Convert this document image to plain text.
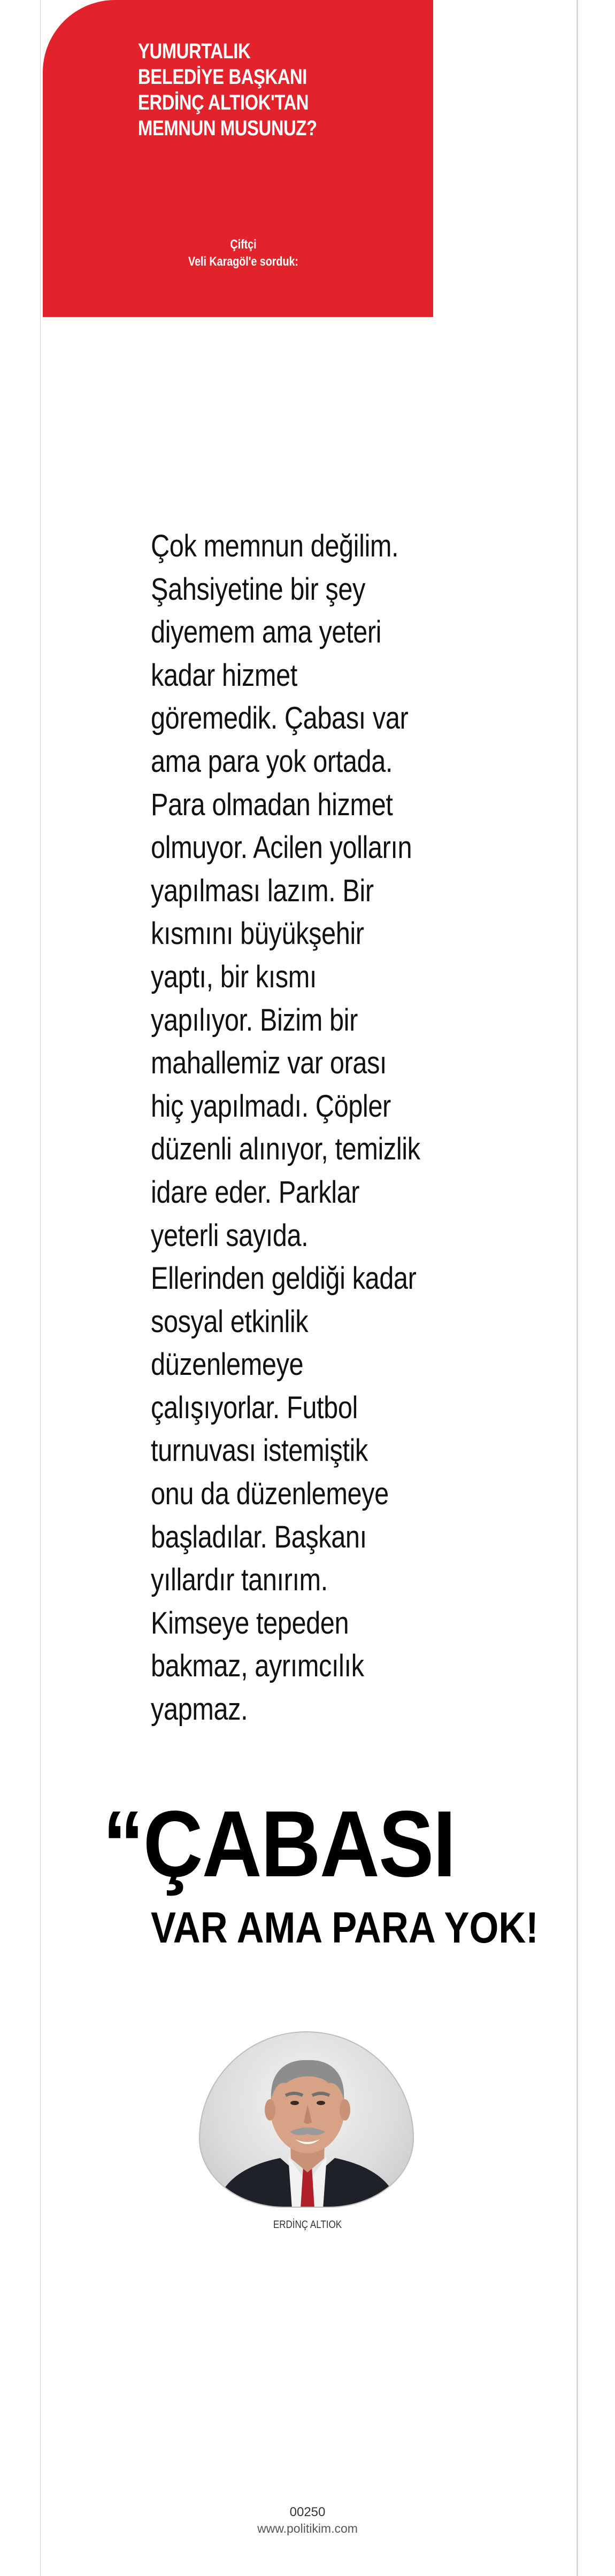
YUMURTALIK
BELEDİYE BAŞKANI
ERDİNÇ ALTIOK'TAN
MEMNUN MUSUNUZ?
Çiftçi
Veli Karagöl'e sorduk:
Çok memnun değilim.
Şahsiyetine bir şey
diyemem ama yeteri
kadar hizmet
göremedik. Çabası var
ama para yok ortada.
Para olmadan hizmet
olmuyor. Acilen yolların
yapılması lazım. Bir
kısmını büyükşehir
yaptı, bir kısmı
yapılıyor. Bizim bir
mahallemiz var orası
hiç yapılmadı. Çöpler
düzenli alınıyor, temizlik
idare eder. Parklar
yeterli sayıda.
Ellerinden geldiği kadar
sosyal etkinlik
düzenlemeye
çalışıyorlar. Futbol
turnuvası istemiştik
onu da düzenlemeye
başladılar. Başkanı
yıllardır tanırım.
Kimseye tepeden
bakmaz, ayrımcılık
yapmaz.
“ÇABASI
VAR AMA PARA YOK!
ERDİNÇ ALTIOK
00250
www.politikim.com
